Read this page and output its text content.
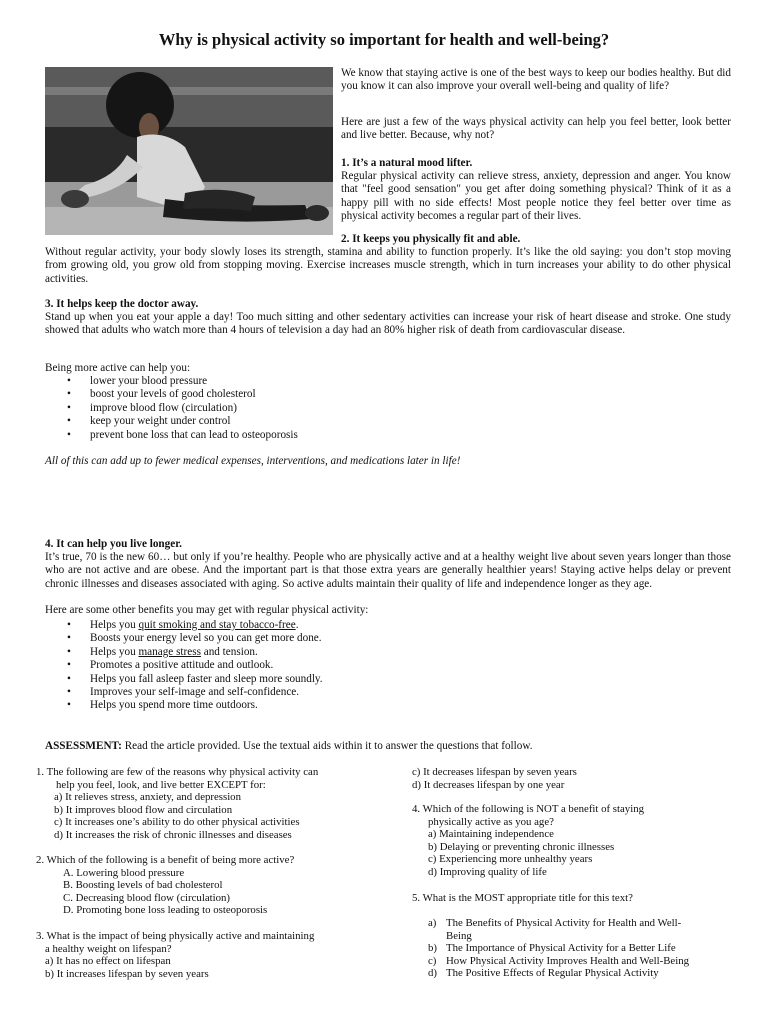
Why is physical activity so important for health and well-being?

We know that staying active is one of the best ways to keep our bodies healthy. But did you know it can also improve your overall well-being and quality of life?

Here are just a few of the ways physical activity can help you feel better, look better and live better. Because, why not?

1. It’s a natural mood lifter.

Regular physical activity can relieve stress, anxiety, depression and anger. You know that "feel good sensation" you get after doing something physical? Think of it as a happy pill with no side effects! Most people notice they feel better over time as physical activity becomes a regular part of their lives.

2. It keeps you physically fit and able.

Without regular activity, your body slowly loses its strength, stamina and ability to function properly. It’s like the old saying: you don’t stop moving from growing old, you grow old from stopping moving. Exercise increases muscle strength, which in turn increases your ability to do other physical activities.

3. It helps keep the doctor away.

Stand up when you eat your apple a day! Too much sitting and other sedentary activities can increase your risk of heart disease and stroke. One study showed that adults who watch more than 4 hours of television a day had an 80% higher risk of death from cardiovascular disease.

Being more active can help you:

• lower your blood pressure
• boost your levels of good cholesterol
• improve blood flow (circulation)
• keep your weight under control
• prevent bone loss that can lead to osteoporosis

All of this can add up to fewer medical expenses, interventions, and medications later in life!

4. It can help you live longer.

It’s true, 70 is the new 60… but only if you’re healthy. People who are physically active and at a healthy weight live about seven years longer than those who are not active and are obese. And the important part is that those extra years are generally healthier years! Staying active helps delay or prevent chronic illnesses and diseases associated with aging. So active adults maintain their quality of life and independence longer as they age.

Here are some other benefits you may get with regular physical activity:

• Helps you quit smoking and stay tobacco-free.
• Boosts your energy level so you can get more done.
• Helps you manage stress and tension.
• Promotes a positive attitude and outlook.
• Helps you fall asleep faster and sleep more soundly.
• Improves your self-image and self-confidence.
• Helps you spend more time outdoors.

ASSESSMENT: Read the article provided. Use the textual aids within it to answer the questions that follow.

1. The following are few of the reasons why physical activity can
help you feel, look, and live better EXCEPT for:
a) It relieves stress, anxiety, and depression
b) It improves blood flow and circulation
c) It increases one’s ability to do other physical activities
d) It increases the risk of chronic illnesses and diseases
2. Which of the following is a benefit of being more active?
A. Lowering blood pressure
B. Boosting levels of bad cholesterol
C. Decreasing blood flow (circulation)
D. Promoting bone loss leading to osteoporosis
3. What is the impact of being physically active and maintaining
a healthy weight on lifespan?
a) It has no effect on lifespan
b) It increases lifespan by seven years
c) It decreases lifespan by seven years
d) It decreases lifespan by one year
4. Which of the following is NOT a benefit of staying
physically active as you age?
a) Maintaining independence
b) Delaying or preventing chronic illnesses
c) Experiencing more unhealthy years
d) Improving quality of life
5. What is the MOST appropriate title for this text?
a) The Benefits of Physical Activity for Health and Well-
Being
b) The Importance of Physical Activity for a Better Life
c) How Physical Activity Improves Health and Well-Being
d) The Positive Effects of Regular Physical Activity
